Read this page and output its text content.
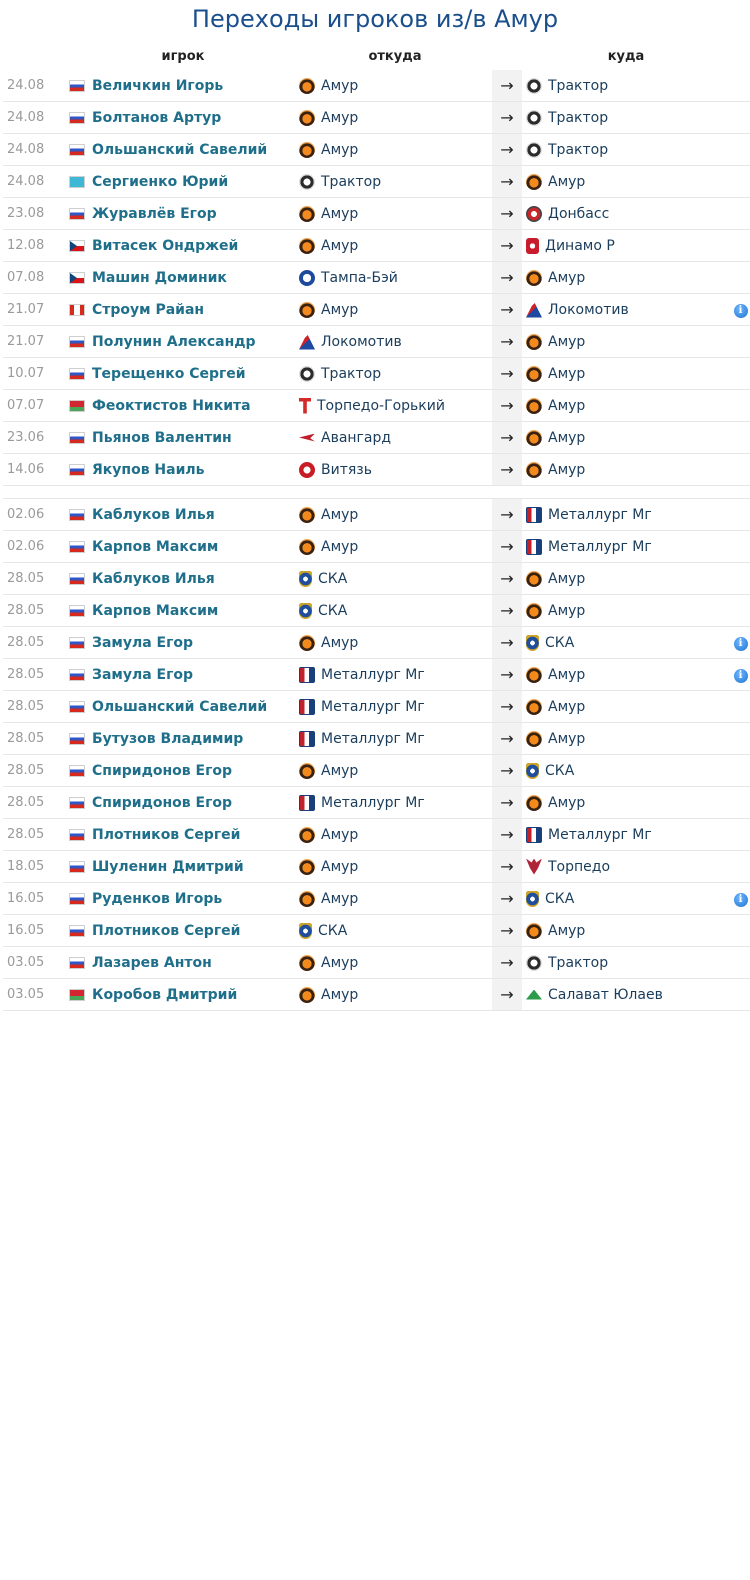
Переходы игроков из/в Амур
	игрок	откуда		куда	
24.08	Величкин Игорь	Амур	→	Трактор	

24.08	Болтанов Артур	Амур	→	Трактор	

24.08	Ольшанский Савелий	Амур	→	Трактор	

24.08	Сергиенко Юрий	Трактор	→	Амур	

23.08	Журавлёв Егор	Амур	→	Донбасс	

12.08	Витасек Ондржей	Амур	→	Динамо Р	

07.08	Машин Доминик	Тампа-Бэй	→	Амур	

21.07	Строум Райан	Амур	→	Локомотив	i
21.07	Полунин Александр	Локомотив	→	Амур	

10.07	Терещенко Сергей	Трактор	→	Амур	

07.07	Феоктистов Никита	Торпедо-Горький	→	Амур	

23.06	Пьянов Валентин	Авангард	→	Амур	

14.06	Якупов Наиль	Витязь	→	Амур	

02.06	Каблуков Илья	Амур	→	Металлург Мг	

02.06	Карпов Максим	Амур	→	Металлург Мг	

28.05	Каблуков Илья	СКА	→	Амур	

28.05	Карпов Максим	СКА	→	Амур	

28.05	Замула Егор	Амур	→	СКА	i
28.05	Замула Егор	Металлург Мг	→	Амур	i
28.05	Ольшанский Савелий	Металлург Мг	→	Амур	

28.05	Бутузов Владимир	Металлург Мг	→	Амур	

28.05	Спиридонов Егор	Амур	→	СКА	

28.05	Спиридонов Егор	Металлург Мг	→	Амур	

28.05	Плотников Сергей	Амур	→	Металлург Мг	

18.05	Шуленин Дмитрий	Амур	→	Торпедо	

16.05	Руденков Игорь	Амур	→	СКА	i
16.05	Плотников Сергей	СКА	→	Амур	

03.05	Лазарев Антон	Амур	→	Трактор	

03.05	Коробов Дмитрий	Амур	→	Салават Юлаев	
